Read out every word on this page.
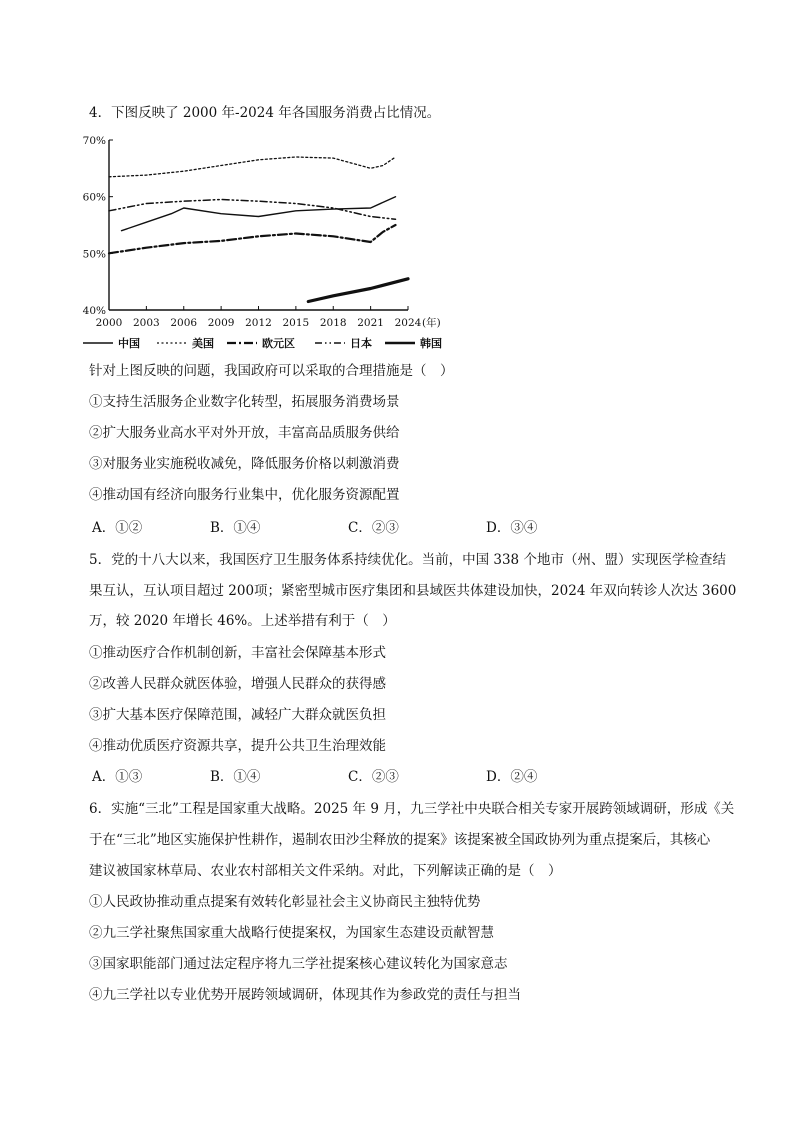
4．下图反映了 2000 年-2024 年各国服务消费占比情况。
40%
50%
60%
70%
2000 2003 2006 2009 2012 2015 2018 2021 2024 (年)
中国	美国	欧元区	日本	韩国
针对上图反映的问题，我国政府可以采取的合理措施是（　）
①支持生活服务企业数字化转型，拓展服务消费场景
②扩大服务业高水平对外开放，丰富高品质服务供给
③对服务业实施税收减免，降低服务价格以刺激消费
④推动国有经济向服务行业集中，优化服务资源配置
A．①②	B．①④	C．②③	D．③④
5．党的十八大以来，我国医疗卫生服务体系持续优化。当前，中国 338 个地市（州、盟）实现医学检查结
果互认，互认项目超过 200项；紧密型城市医疗集团和县域医共体建设加快，2024 年双向转诊人次达 3600
万，较 2020 年增长 46%。上述举措有利于（　）
①推动医疗合作机制创新，丰富社会保障基本形式
②改善人民群众就医体验，增强人民群众的获得感
③扩大基本医疗保障范围，减轻广大群众就医负担
④推动优质医疗资源共享，提升公共卫生治理效能
A．①③	B．①④	C．②③	D．②④
6．实施“三北”工程是国家重大战略。2025 年 9 月，九三学社中央联合相关专家开展跨领域调研，形成《关
于在“三北”地区实施保护性耕作，遏制农田沙尘释放的提案》该提案被全国政协列为重点提案后，其核心
建议被国家林草局、农业农村部相关文件采纳。对此，下列解读正确的是（　）
①人民政协推动重点提案有效转化彰显社会主义协商民主独特优势
②九三学社聚焦国家重大战略行使提案权，为国家生态建设贡献智慧
③国家职能部门通过法定程序将九三学社提案核心建议转化为国家意志
④九三学社以专业优势开展跨领域调研，体现其作为参政党的责任与担当
